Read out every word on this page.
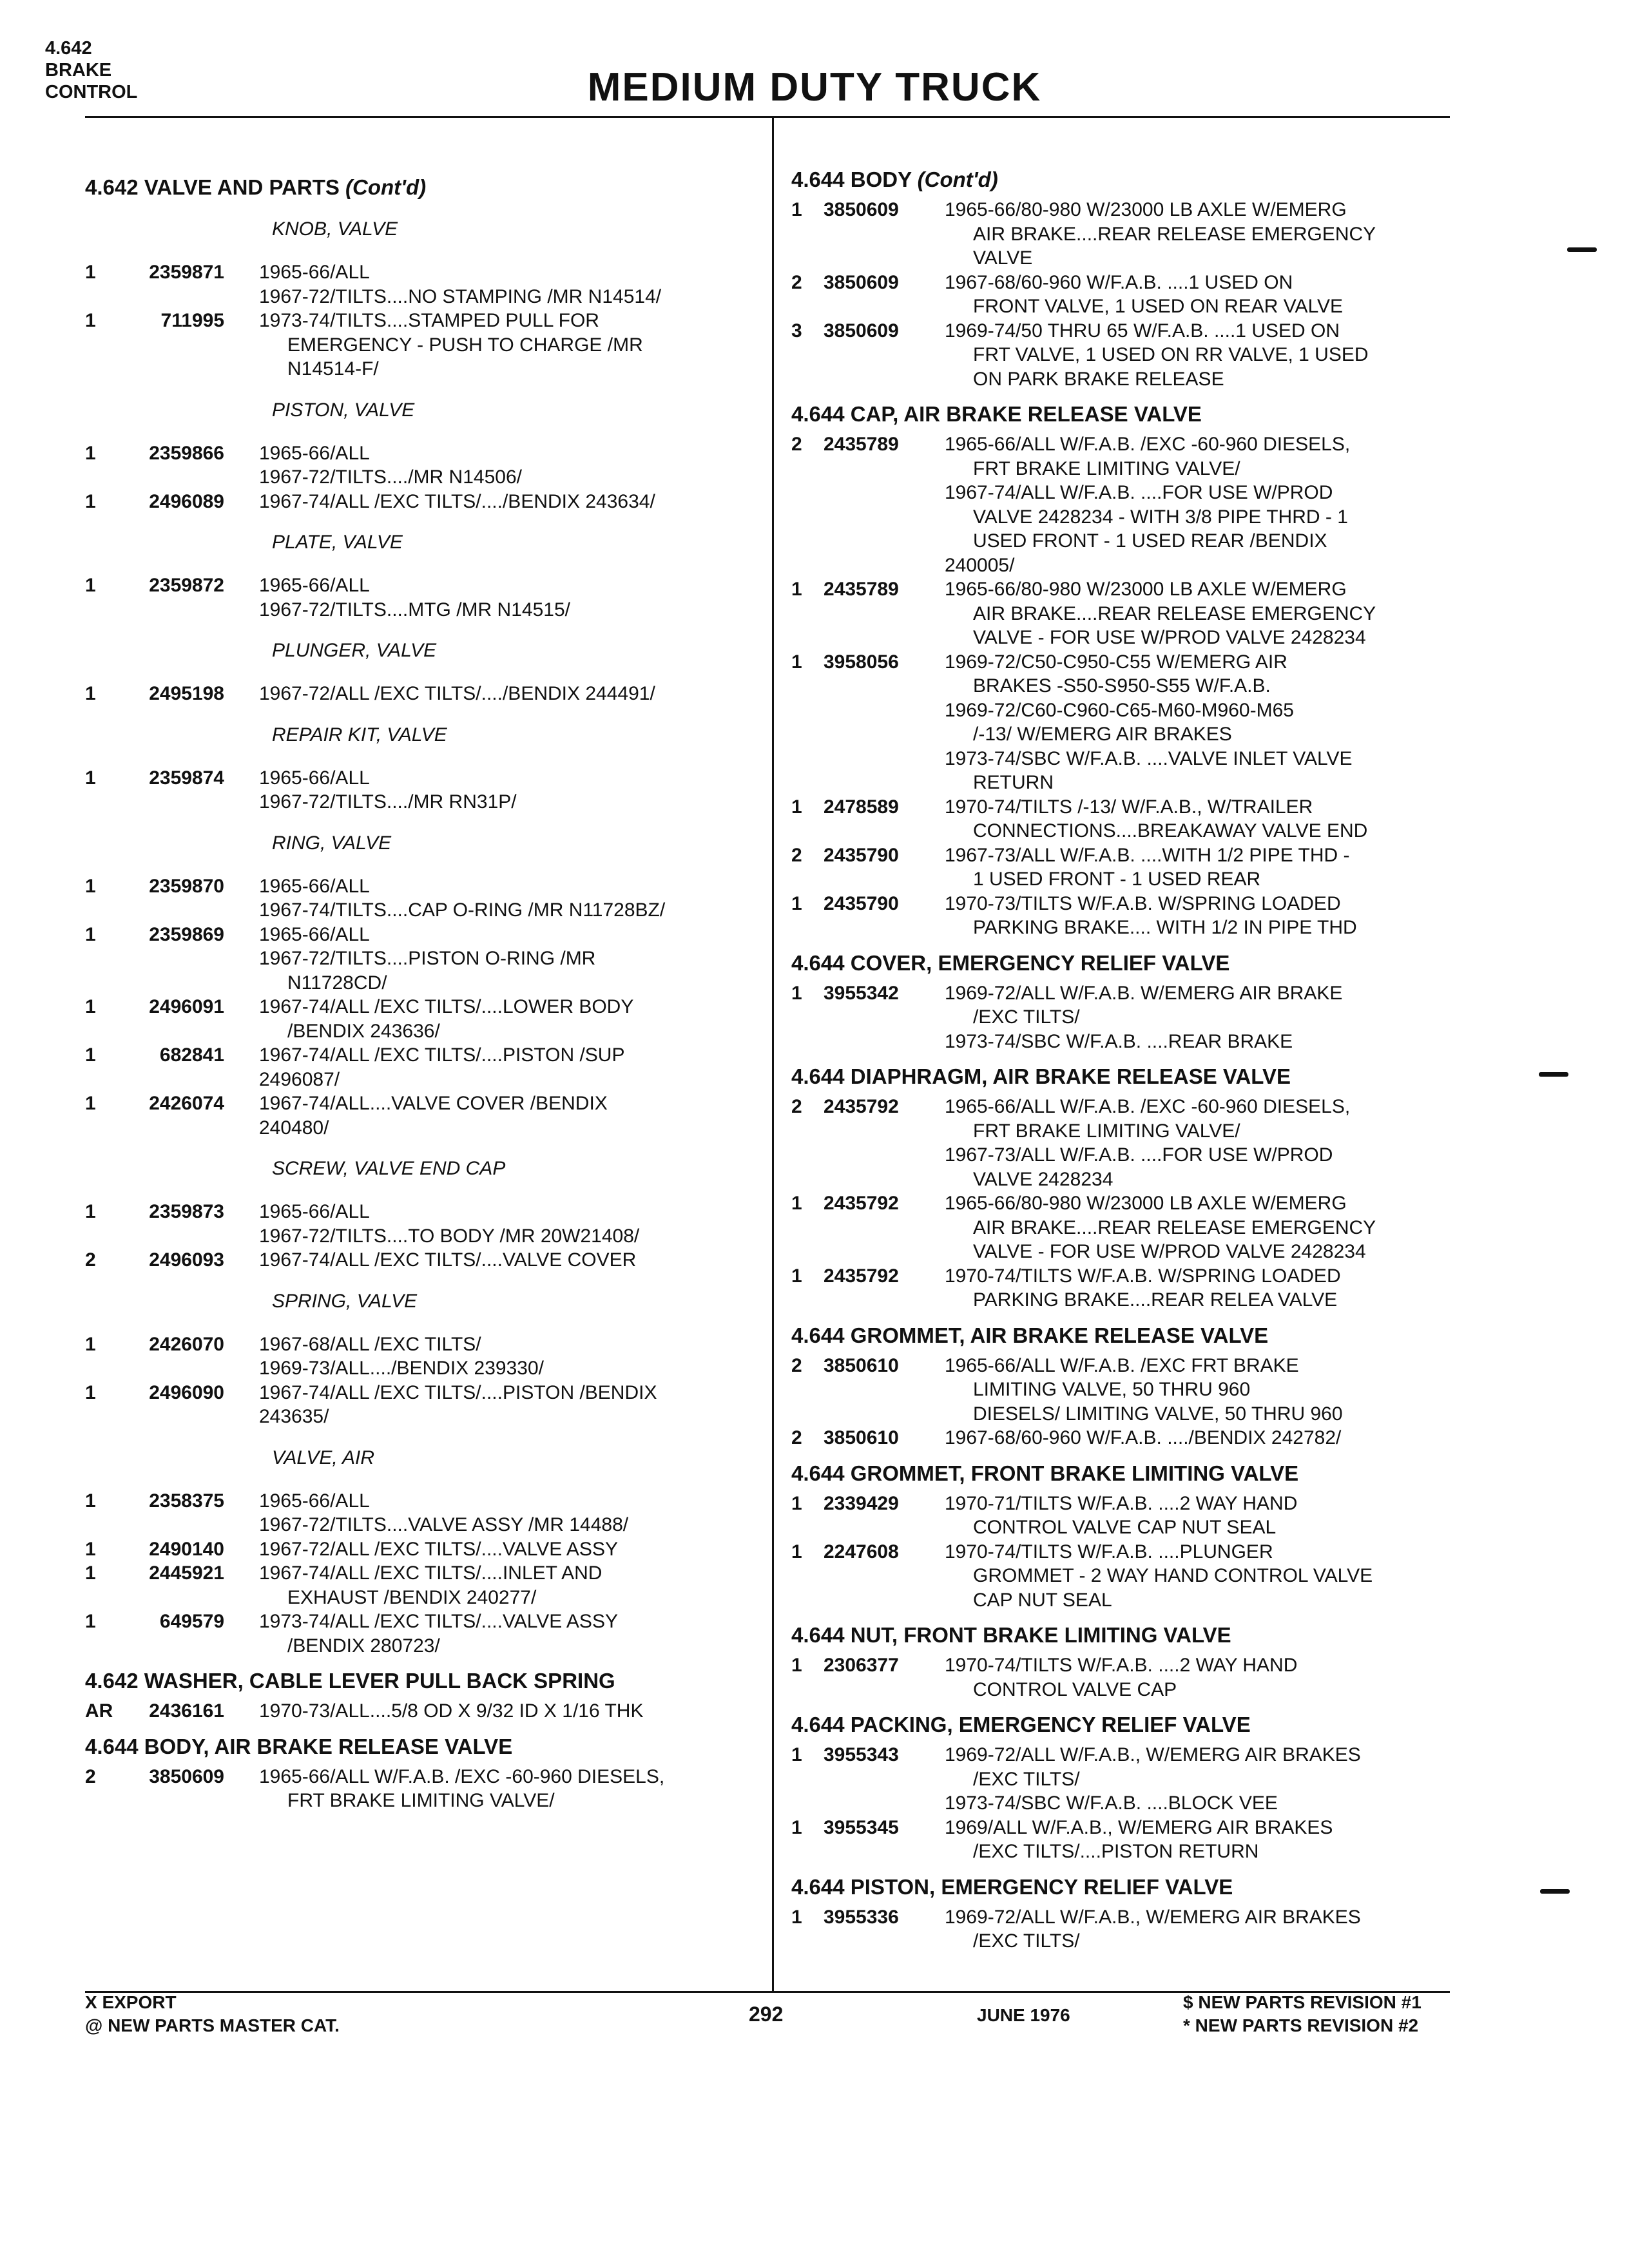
4.642
BRAKE
CONTROL	MEDIUM DUTY TRUCK
4.642 VALVE AND PARTS (Cont'd)
KNOB, VALVE
1	2359871 1965-66/ALL
1967-72/TILTS....NO STAMPING /MR N14514/
1	711995 1973-74/TILTS....STAMPED PULL FOR
EMERGENCY - PUSH TO CHARGE /MR
N14514-F/
PISTON, VALVE
1	2359866 1965-66/ALL
1967-72/TILTS..../MR N14506/
1	2496089 1967-74/ALL /EXC TILTS/..../BENDIX 243634/
PLATE, VALVE
1	2359872 1965-66/ALL
1967-72/TILTS....MTG /MR N14515/
PLUNGER, VALVE
1	2495198 1967-72/ALL /EXC TILTS/..../BENDIX 244491/
REPAIR KIT, VALVE
1	2359874 1965-66/ALL
1967-72/TILTS..../MR RN31P/
RING, VALVE
1	2359870 1965-66/ALL
1967-74/TILTS....CAP O-RING /MR N11728BZ/
1	2359869 1965-66/ALL
1967-72/TILTS....PISTON O-RING /MR
N11728CD/
1	2496091 1967-74/ALL /EXC TILTS/....LOWER BODY
/BENDIX 243636/
1	682841 1967-74/ALL /EXC TILTS/....PISTON /SUP
2496087/
1	2426074 1967-74/ALL....VALVE COVER /BENDIX
240480/
SCREW, VALVE END CAP
1	2359873 1965-66/ALL
1967-72/TILTS....TO BODY /MR 20W21408/
2	2496093 1967-74/ALL /EXC TILTS/....VALVE COVER
SPRING, VALVE
1	2426070 1967-68/ALL /EXC TILTS/
1969-73/ALL..../BENDIX 239330/
1	2496090 1967-74/ALL /EXC TILTS/....PISTON /BENDIX
243635/
VALVE, AIR
1	2358375 1965-66/ALL
1967-72/TILTS....VALVE ASSY /MR 14488/
1	2490140 1967-72/ALL /EXC TILTS/....VALVE ASSY
1	2445921 1967-74/ALL /EXC TILTS/....INLET AND
EXHAUST /BENDIX 240277/
1	649579 1973-74/ALL /EXC TILTS/....VALVE ASSY
/BENDIX 280723/
4.642 WASHER, CABLE LEVER PULL BACK SPRING
AR	2436161 1970-73/ALL....5/8 OD X 9/32 ID X 1/16 THK
4.644 BODY, AIR BRAKE RELEASE VALVE
2	3850609 1965-66/ALL W/F.A.B. /EXC -60-960 DIESELS,
FRT BRAKE LIMITING VALVE/
4.644 BODY (Cont'd)
1	3850609	1965-66/80-980 W/23000 LB AXLE W/EMERG
AIR BRAKE....REAR RELEASE EMERGENCY
VALVE
2	3850609	1967-68/60-960 W/F.A.B. ....1 USED ON
FRONT VALVE, 1 USED ON REAR VALVE
3	3850609	1969-74/50 THRU 65 W/F.A.B. ....1 USED ON
FRT VALVE, 1 USED ON RR VALVE, 1 USED
ON PARK BRAKE RELEASE
4.644 CAP, AIR BRAKE RELEASE VALVE
2	2435789	1965-66/ALL W/F.A.B. /EXC -60-960 DIESELS,
FRT BRAKE LIMITING VALVE/
1967-74/ALL W/F.A.B. ....FOR USE W/PROD
VALVE 2428234 - WITH 3/8 PIPE THRD - 1
USED FRONT - 1 USED REAR /BENDIX
240005/
1	2435789	1965-66/80-980 W/23000 LB AXLE W/EMERG
AIR BRAKE....REAR RELEASE EMERGENCY
VALVE - FOR USE W/PROD VALVE 2428234
1	3958056	1969-72/C50-C950-C55 W/EMERG AIR
BRAKES -S50-S950-S55 W/F.A.B.
1969-72/C60-C960-C65-M60-M960-M65
/-13/ W/EMERG AIR BRAKES
1973-74/SBC W/F.A.B. ....VALVE INLET VALVE
RETURN
1	2478589	1970-74/TILTS /-13/ W/F.A.B., W/TRAILER
CONNECTIONS....BREAKAWAY VALVE END
2	2435790	1967-73/ALL W/F.A.B. ....WITH 1/2 PIPE THD -
1 USED FRONT - 1 USED REAR
1	2435790	1970-73/TILTS W/F.A.B. W/SPRING LOADED
PARKING BRAKE.... WITH 1/2 IN PIPE THD
4.644 COVER, EMERGENCY RELIEF VALVE
1	3955342	1969-72/ALL W/F.A.B. W/EMERG AIR BRAKE
/EXC TILTS/
1973-74/SBC W/F.A.B. ....REAR BRAKE
4.644 DIAPHRAGM, AIR BRAKE RELEASE VALVE
2	2435792	1965-66/ALL W/F.A.B. /EXC -60-960 DIESELS,
FRT BRAKE LIMITING VALVE/
1967-73/ALL W/F.A.B. ....FOR USE W/PROD
VALVE 2428234
1	2435792	1965-66/80-980 W/23000 LB AXLE W/EMERG
AIR BRAKE....REAR RELEASE EMERGENCY
VALVE - FOR USE W/PROD VALVE 2428234
1	2435792	1970-74/TILTS W/F.A.B. W/SPRING LOADED
PARKING BRAKE....REAR RELEA VALVE
4.644 GROMMET, AIR BRAKE RELEASE VALVE
2	3850610	1965-66/ALL W/F.A.B. /EXC FRT BRAKE
LIMITING VALVE, 50 THRU 960
DIESELS/ LIMITING VALVE, 50 THRU 960
2	3850610	1967-68/60-960 W/F.A.B. ..../BENDIX 242782/
4.644 GROMMET, FRONT BRAKE LIMITING VALVE
1	2339429	1970-71/TILTS W/F.A.B. ....2 WAY HAND
CONTROL VALVE CAP NUT SEAL
1	2247608	1970-74/TILTS W/F.A.B. ....PLUNGER
GROMMET - 2 WAY HAND CONTROL VALVE
CAP NUT SEAL
4.644 NUT, FRONT BRAKE LIMITING VALVE
1	2306377	1970-74/TILTS W/F.A.B. ....2 WAY HAND
CONTROL VALVE CAP
4.644 PACKING, EMERGENCY RELIEF VALVE
1	3955343	1969-72/ALL W/F.A.B., W/EMERG AIR BRAKES
/EXC TILTS/
1973-74/SBC W/F.A.B. ....BLOCK VEE
1	3955345	1969/ALL W/F.A.B., W/EMERG AIR BRAKES
/EXC TILTS/....PISTON RETURN
4.644 PISTON, EMERGENCY RELIEF VALVE
1	3955336	1969-72/ALL W/F.A.B., W/EMERG AIR BRAKES
/EXC TILTS/
X EXPORT
@ NEW PARTS MASTER CAT.	292	JUNE 1976
$ NEW PARTS REVISION #1
* NEW PARTS REVISION #2
